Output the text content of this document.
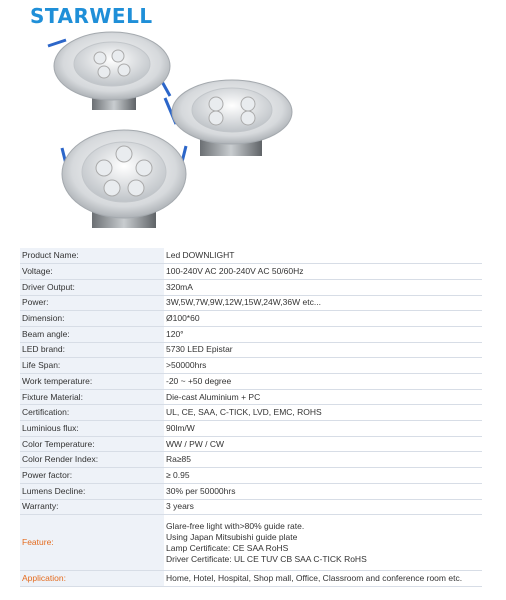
STARWELL
Product Name:	Led DOWNLIGHT
Voltage:	100-240V AC 200-240V AC 50/60Hz
Driver Output:	320mA
Power:	3W,5W,7W,9W,12W,15W,24W,36W etc...
Dimension:	Ø100*60
Beam angle:	120°
LED brand:	5730 LED Epistar
Life Span:	>50000hrs
Work temperature:	-20 ~ +50 degree
Fixture Material:	Die-cast Aluminium + PC
Certification:	UL, CE, SAA, C-TICK, LVD, EMC, ROHS
Luminious flux:	90lm/W
Color Temperature:	WW / PW / CW
Color Render Index:	Ra≥85
Power factor:	≥ 0.95
Lumens Decline:	30% per 50000hrs
Warranty:	3 years
Feature:	Glare-free light with>80% guide rate.
Using Japan Mitsubishi guide plate
Lamp Certificate: CE SAA RoHS
Driver Certificate: UL CE TUV CB SAA C-TICK RoHS

Application:	Home, Hotel, Hospital, Shop mall, Office, Classroom and conference room etc.
